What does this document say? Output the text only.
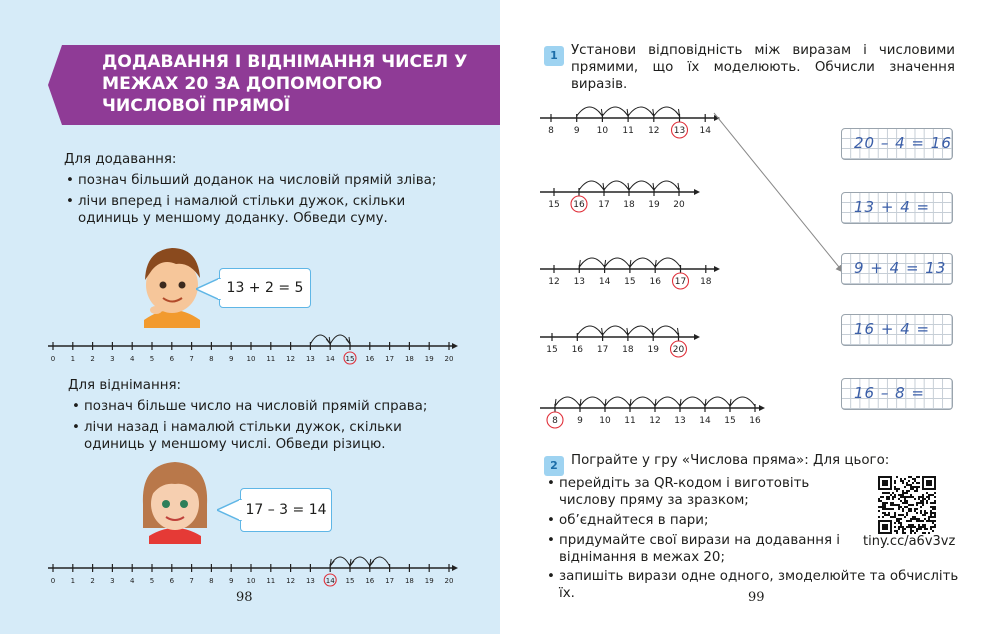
ДОДАВАННЯ І ВІДНІМАННЯ ЧИСЕЛ У МЕЖАХ 20 ЗА ДОПОМОГОЮ ЧИСЛОВОЇ ПРЯМОЇ
Для додавання:
• познач більший доданок на числовій прямій зліва;
• лічи вперед і намалюй стільки дужок, скільки одиниць у меншому доданку. Обведи суму.
13 + 2 = 5
0 1 2 3 4 5 6 7 8 9 10 11 12 13 14 15 16 17 18 19 20
Для віднімання:
• познач більше число на числовій прямій справа;
• лічи назад і намалюй стільки дужок, скільки одиниць у меншому числі. Обведи різицю.
17 – 3 = 14
0 1 2 3 4 5 6 7 8 9 10 11 12 13 14 15 16 17 18 19 20
98
1 Установи відповідність між виразам і числовими прямими, що їх моделюють. Обчисли значення виразів.
8 9 10 11 12 13 14
15 16 17 18 19 20
12 13 14 15 16 17 18
15 16 17 18 19 20
8 9 10 11 12 13 14 15 16
20 – 4 = 16
13 + 4 =
9 + 4 = 13
16 + 4 =
16 – 8 =
2 Пограйте у гру «Числова пряма»: Для цього:
• перейдіть за QR-кодом і виготовіть числову пряму за зразком;
• об’єднайтеся в пари;
• придумайте свої вирази на додавання і віднімання в межах 20;
• запишіть вирази одне одного, змоделюйте та обчисліть їх.	99
tiny.cc/a6v3vz
